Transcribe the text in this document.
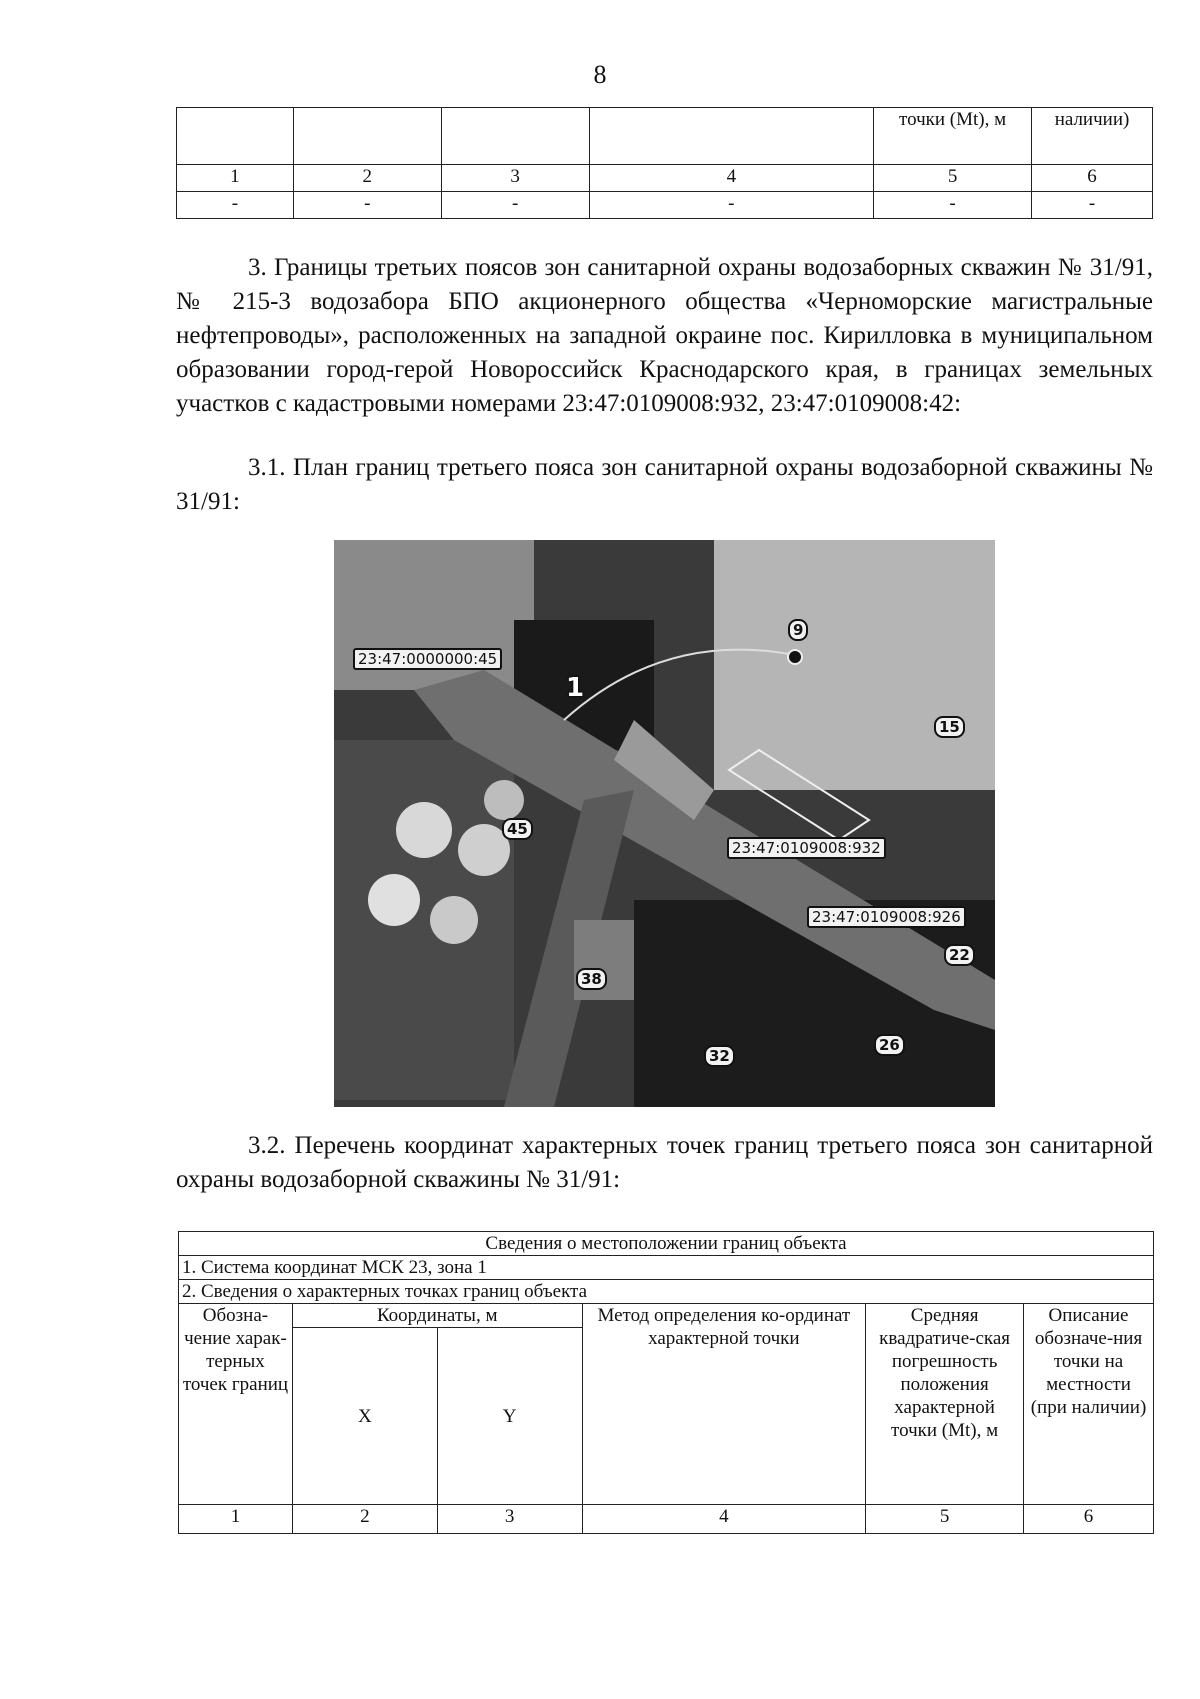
8
				точки (Mt), м	наличии)
1	2	3	4	5	6
-	-	-	-	-	-
3. Границы третьих поясов зон санитарной охраны водозаборных скважин № 31/91, № 215-3 водозабора БПО акционерного общества «Черноморские магистральные нефтепроводы», расположенных на западной окраине пос. Кирилловка в муниципальном образовании город-герой Новороссийск Краснодарского края, в границах земельных участков с кадастровыми номерами 23:47:0109008:932, 23:47:0109008:42:
3.1. План границ третьего пояса зон санитарной охраны водозаборной скважины № 31/91:
23:47:0000000:45
23:47:0109008:932
23:47:0109008:926
9
15
45
22
38
32
26
1
3.2. Перечень координат характерных точек границ третьего пояса зон санитарной охраны водозаборной скважины № 31/91:
Сведения о местоположении границ объекта					
1. Система координат МСК 23, зона 1					
2. Сведения о характерных точках границ объекта					
Обозна-чение харак-терных точек границ	Координаты, м		Метод определения ко-ординат характерной точки	Средняя квадратиче-ская погрешность положения характерной точки (Mt), м	Описание обозначе-ния точки на местности (при наличии)
	X	Y			
1	2	3	4	5	6
